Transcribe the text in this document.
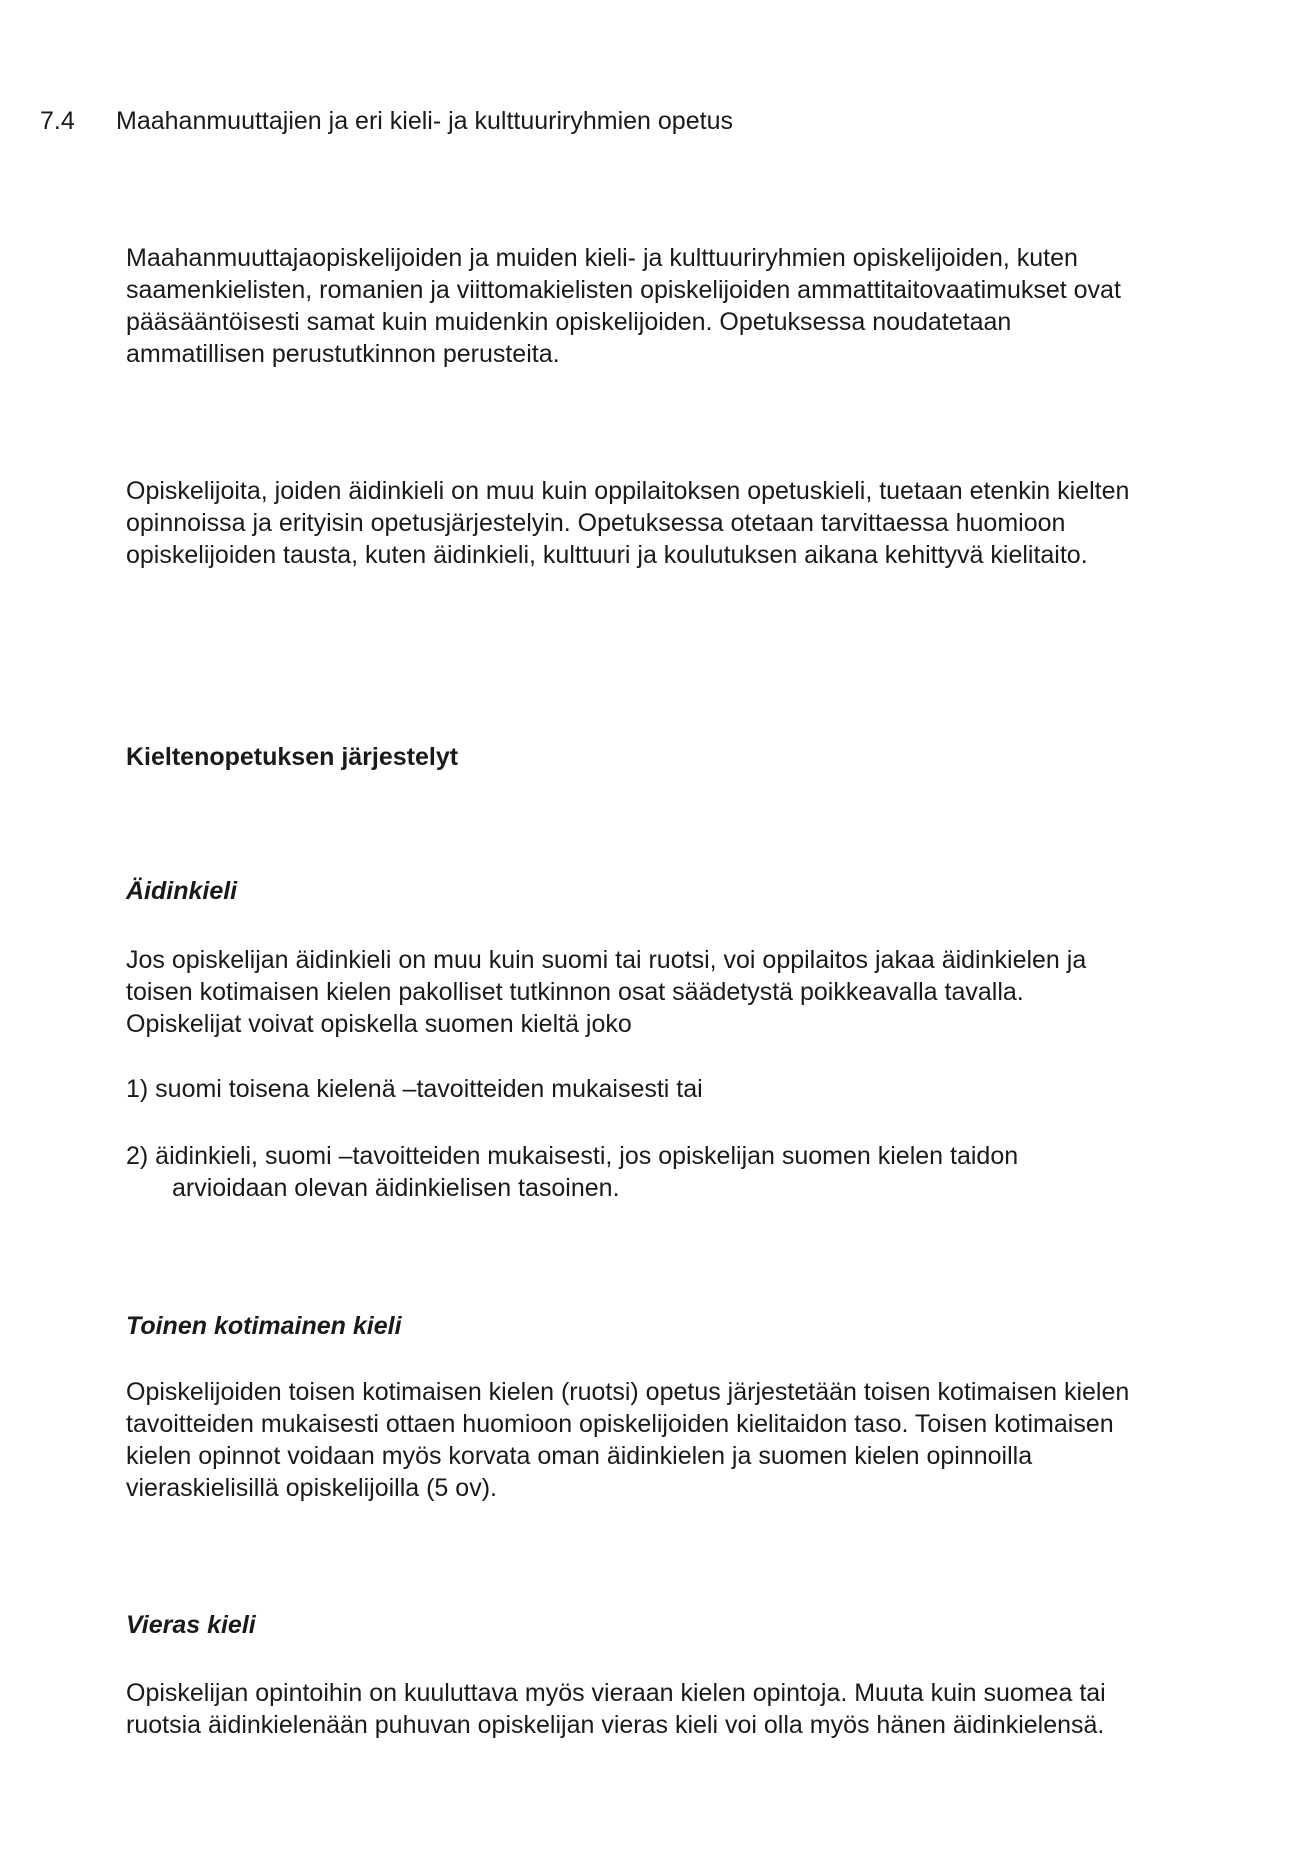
7.4 Maahanmuuttajien ja eri kieli- ja kulttuuriryhmien opetus

Maahanmuuttajaopiskelijoiden ja muiden kieli- ja kulttuuriryhmien opiskelijoiden, kuten
saamenkielisten, romanien ja viittomakielisten opiskelijoiden ammattitaitovaatimukset ovat
pääsääntöisesti samat kuin muidenkin opiskelijoiden. Opetuksessa noudatetaan
ammatillisen perustutkinnon perusteita.

Opiskelijoita, joiden äidinkieli on muu kuin oppilaitoksen opetuskieli, tuetaan etenkin kielten
opinnoissa ja erityisin opetusjärjestelyin. Opetuksessa otetaan tarvittaessa huomioon
opiskelijoiden tausta, kuten äidinkieli, kulttuuri ja koulutuksen aikana kehittyvä kielitaito.

Kieltenopetuksen järjestelyt
Äidinkieli

Jos opiskelijan äidinkieli on muu kuin suomi tai ruotsi, voi oppilaitos jakaa äidinkielen ja
toisen kotimaisen kielen pakolliset tutkinnon osat säädetystä poikkeavalla tavalla.
Opiskelijat voivat opiskella suomen kieltä joko

1) suomi toisena kielenä –tavoitteiden mukaisesti tai
2) äidinkieli, suomi –tavoitteiden mukaisesti, jos opiskelijan suomen kielen taidon
arvioidaan olevan äidinkielisen tasoinen.
Toinen kotimainen kieli

Opiskelijoiden toisen kotimaisen kielen (ruotsi) opetus järjestetään toisen kotimaisen kielen
tavoitteiden mukaisesti ottaen huomioon opiskelijoiden kielitaidon taso. Toisen kotimaisen
kielen opinnot voidaan myös korvata oman äidinkielen ja suomen kielen opinnoilla
vieraskielisillä opiskelijoilla (5 ov).

Vieras kieli

Opiskelijan opintoihin on kuuluttava myös vieraan kielen opintoja. Muuta kuin suomea tai
ruotsia äidinkielenään puhuvan opiskelijan vieras kieli voi olla myös hänen äidinkielensä.
